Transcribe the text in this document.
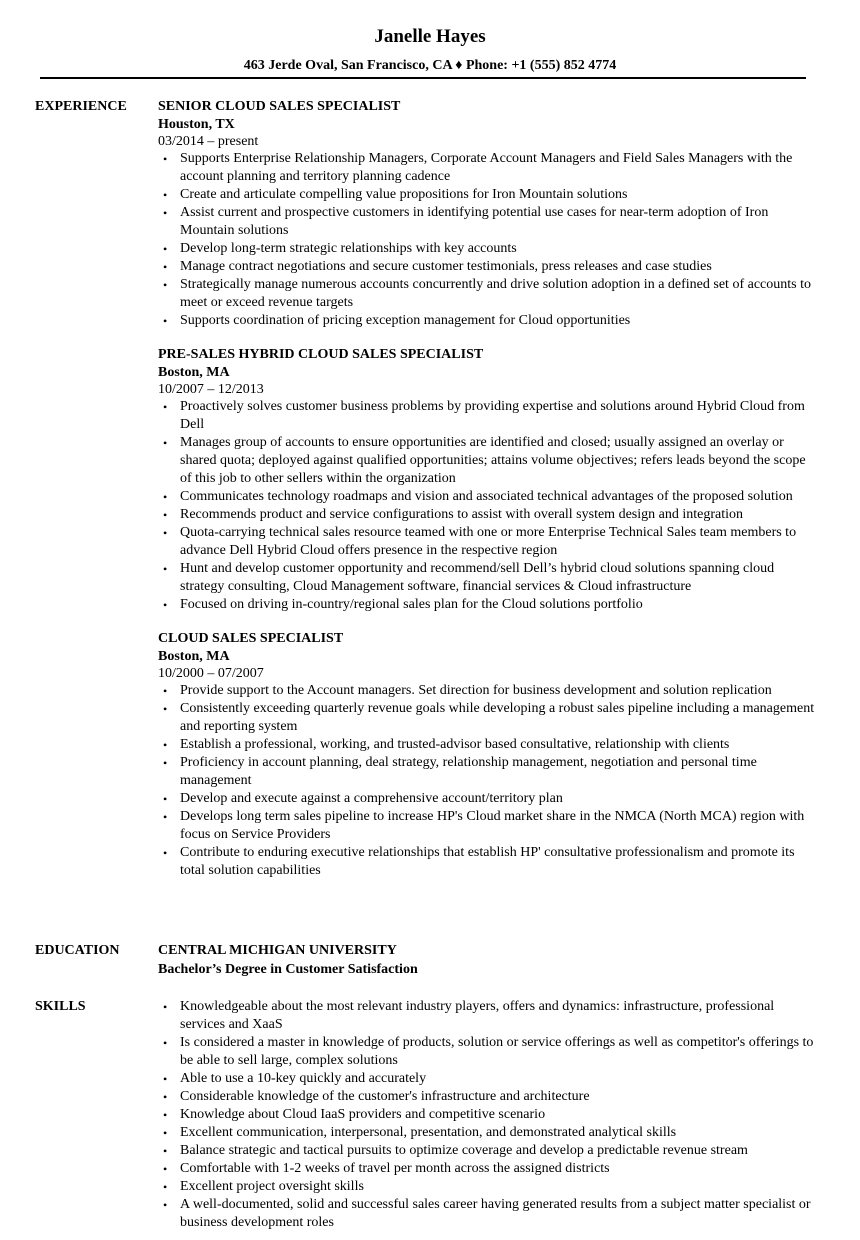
Janelle Hayes
463 Jerde Oval, San Francisco, CA ♦ Phone: +1 (555) 852 4774
EXPERIENCE SENIOR CLOUD SALES SPECIALIST
Houston, TX
03/2014 – present
• Supports Enterprise Relationship Managers, Corporate Account Managers and Field Sales Managers with the account planning and territory planning cadence
• Create and articulate compelling value propositions for Iron Mountain solutions
• Assist current and prospective customers in identifying potential use cases for near-term adoption of Iron Mountain solutions
• Develop long-term strategic relationships with key accounts
• Manage contract negotiations and secure customer testimonials, press releases and case studies
• Strategically manage numerous accounts concurrently and drive solution adoption in a defined set of accounts to meet or exceed revenue targets
• Supports coordination of pricing exception management for Cloud opportunities
PRE-SALES HYBRID CLOUD SALES SPECIALIST
Boston, MA
10/2007 – 12/2013
• Proactively solves customer business problems by providing expertise and solutions around Hybrid Cloud from Dell
• Manages group of accounts to ensure opportunities are identified and closed; usually assigned an overlay or shared quota; deployed against qualified opportunities; attains volume objectives; refers leads beyond the scope of this job to other sellers within the organization
• Communicates technology roadmaps and vision and associated technical advantages of the proposed solution
• Recommends product and service configurations to assist with overall system design and integration
• Quota-carrying technical sales resource teamed with one or more Enterprise Technical Sales team members to advance Dell Hybrid Cloud offers presence in the respective region
• Hunt and develop customer opportunity and recommend/sell Dell’s hybrid cloud solutions spanning cloud strategy consulting, Cloud Management software, financial services & Cloud infrastructure
• Focused on driving in-country/regional sales plan for the Cloud solutions portfolio
CLOUD SALES SPECIALIST
Boston, MA
10/2000 – 07/2007
• Provide support to the Account managers. Set direction for business development and solution replication
• Consistently exceeding quarterly revenue goals while developing a robust sales pipeline including a management and reporting system
• Establish a professional, working, and trusted-advisor based consultative, relationship with clients
• Proficiency in account planning, deal strategy, relationship management, negotiation and personal time management
• Develop and execute against a comprehensive account/territory plan
• Develops long term sales pipeline to increase HP's Cloud market share in the NMCA (North MCA) region with focus on Service Providers
• Contribute to enduring executive relationships that establish HP' consultative professionalism and promote its total solution capabilities
EDUCATION	CENTRAL MICHIGAN UNIVERSITY
Bachelor’s Degree in Customer Satisfaction
SKILLS	• Knowledgeable about the most relevant industry players, offers and dynamics: infrastructure, professional services and XaaS
• Is considered a master in knowledge of products, solution or service offerings as well as competitor's offerings to be able to sell large, complex solutions
• Able to use a 10-key quickly and accurately
• Considerable knowledge of the customer's infrastructure and architecture
• Knowledge about Cloud IaaS providers and competitive scenario
• Excellent communication, interpersonal, presentation, and demonstrated analytical skills
• Balance strategic and tactical pursuits to optimize coverage and develop a predictable revenue stream
• Comfortable with 1-2 weeks of travel per month across the assigned districts
• Excellent project oversight skills
• A well-documented, solid and successful sales career having generated results from a subject matter specialist or business development roles
